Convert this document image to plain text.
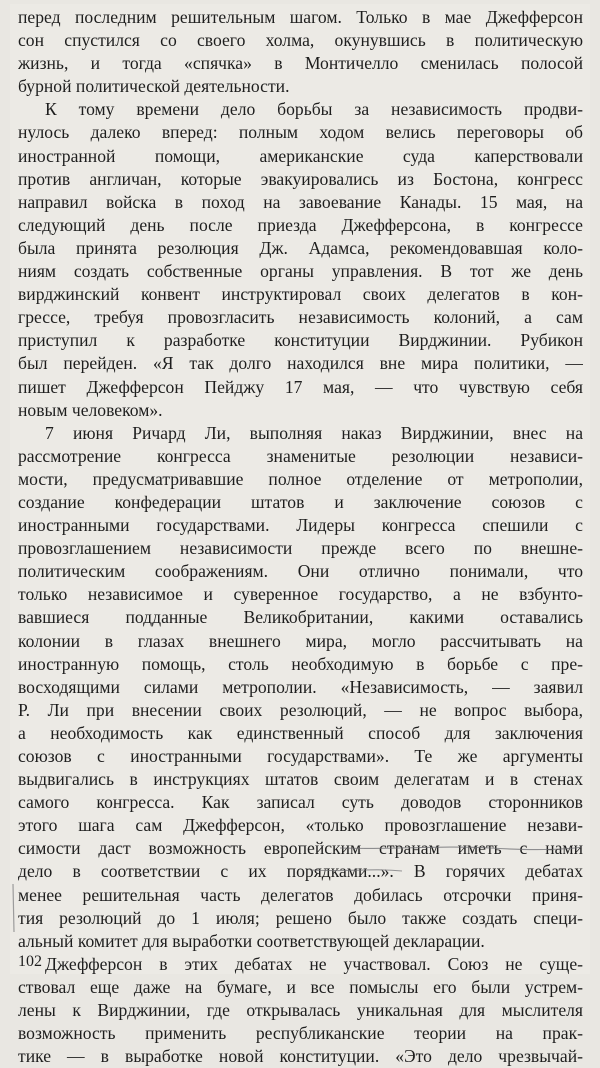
перед последним решительным шагом. Только в мае Джефферсон
сон спустился со своего холма, окунувшись в политическую
жизнь, и тогда «спячка» в Монтичелло сменилась полосой
бурной политической деятельности.
К тому времени дело борьбы за независимость продви-
нулось далеко вперед: полным ходом велись переговоры об
иностранной помощи, американские суда каперствовали
против англичан, которые эвакуировались из Бостона, конгресс
направил войска в поход на завоевание Канады. 15 мая, на
следующий день после приезда Джефферсона, в конгрессе
была принята резолюция Дж. Адамса, рекомендовавшая коло-
ниям создать собственные органы управления. В тот же день
вирджинский конвент инструктировал своих делегатов в кон-
грессе, требуя провозгласить независимость колоний, а сам
приступил к разработке конституции Вирджинии. Рубикон
был перейден. «Я так долго находился вне мира политики, —
пишет Джефферсон Пейджу 17 мая, — что чувствую себя
новым человеком».
7 июня Ричард Ли, выполняя наказ Вирджинии, внес на
рассмотрение конгресса знаменитые резолюции независи-
мости, предусматривавшие полное отделение от метрополии,
создание конфедерации штатов и заключение союзов с
иностранными государствами. Лидеры конгресса спешили с
провозглашением независимости прежде всего по внешне-
политическим соображениям. Они отлично понимали, что
только независимое и суверенное государство, а не взбунто-
вавшиеся подданные Великобритании, какими оставались
колонии в глазах внешнего мира, могло рассчитывать на
иностранную помощь, столь необходимую в борьбе с пре-
восходящими силами метрополии. «Независимость, — заявил
Р. Ли при внесении своих резолюций, — не вопрос выбора,
а необходимость как единственный способ для заключения
союзов с иностранными государствами». Те же аргументы
выдвигались в инструкциях штатов своим делегатам и в стенах
самого конгресса. Как записал суть доводов сторонников
этого шага сам Джефферсон, «только провозглашение незави-
симости даст возможность европейским странам иметь с нами
дело в соответствии с их порядками...». В горячих дебатах
менее решительная часть делегатов добилась отсрочки приня-
тия резолюций до 1 июля; решено было также создать специ-
альный комитет для выработки соответствующей декларации.
Джефферсон в этих дебатах не участвовал. Союз не суще-
ствовал еще даже на бумаге, и все помыслы его были устрем-
лены к Вирджинии, где открывалась уникальная для мыслителя
возможность применить республиканские теории на прак-
тике — в выработке новой конституции. «Это дело чрезвычай-
102
